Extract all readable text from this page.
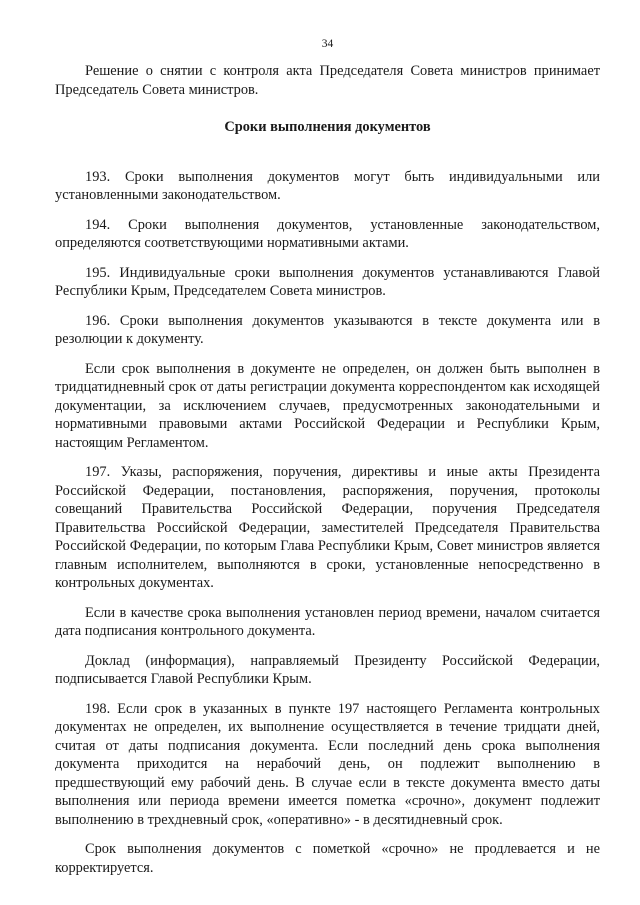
34

Решение о снятии с контроля акта Председателя Совета министров принимает Председатель Совета министров.

Сроки выполнения документов

193. Сроки выполнения документов могут быть индивидуальными или установленными законодательством.

194. Сроки выполнения документов, установленные законодательством, определяются соответствующими нормативными актами.

195. Индивидуальные сроки выполнения документов устанавливаются Главой Республики Крым, Председателем Совета министров.

196. Сроки выполнения документов указываются в тексте документа или в резолюции к документу.

Если срок выполнения в документе не определен, он должен быть выполнен в тридцатидневный срок от даты регистрации документа корреспондентом как исходящей документации, за исключением случаев, предусмотренных законодательными и нормативными правовыми актами Российской Федерации и Республики Крым, настоящим Регламентом.

197. Указы, распоряжения, поручения, директивы и иные акты Президента Российской Федерации, постановления, распоряжения, поручения, протоколы совещаний Правительства Российской Федерации, поручения Председателя Правительства Российской Федерации, заместителей Председателя Правительства Российской Федерации, по которым Глава Республики Крым, Совет министров является главным исполнителем, выполняются в сроки, установленные непосредственно в контрольных документах.

Если в качестве срока выполнения установлен период времени, началом считается дата подписания контрольного документа.

Доклад (информация), направляемый Президенту Российской Федерации, подписывается Главой Республики Крым.

198. Если срок в указанных в пункте 197 настоящего Регламента контрольных документах не определен, их выполнение осуществляется в течение тридцати дней, считая от даты подписания документа. Если последний день срока выполнения документа приходится на нерабочий день, он подлежит выполнению в предшествующий ему рабочий день. В случае если в тексте документа вместо даты выполнения или периода времени имеется пометка «срочно», документ подлежит выполнению в трехдневный срок, «оперативно» - в десятидневный срок.

Срок выполнения документов с пометкой «срочно» не продлевается и не корректируется.
